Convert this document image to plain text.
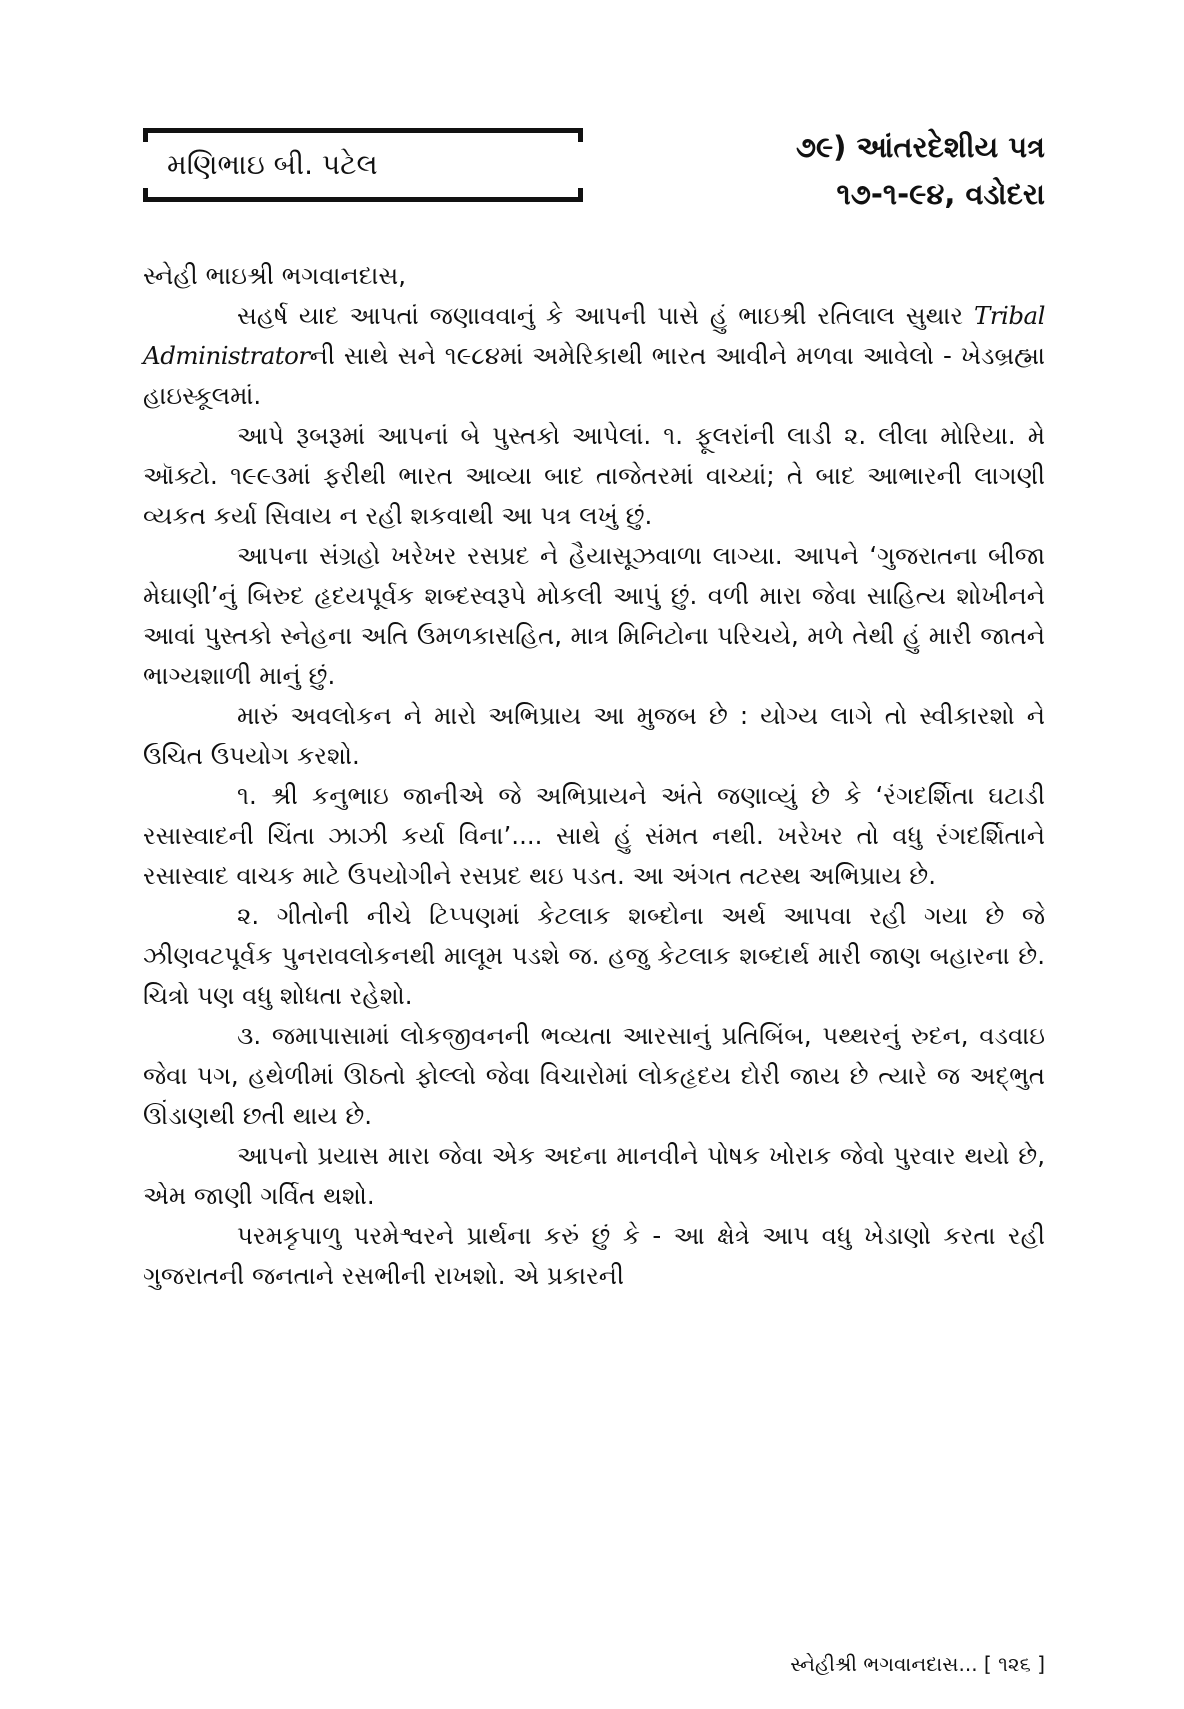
મણિભાઇ બી. પટેલ
૭૯) આંતરદેશીય પત્ર
૧૭-૧-૯૪, વડોદરા

સ્નેહી ભાઇશ્રી ભગવાનદાસ,

સહર્ષ યાદ આપતાં જણાવવાનું કે આપની પાસે હું ભાઇશ્રી રતિલાલ સુથાર Tribal Administratorની સાથે સને ૧૯૮૪માં અમેરિકાથી ભારત આવીને મળવા આવેલો - ખેડબ્રહ્મા હાઇસ્કૂલમાં.

આપે રૂબરૂમાં આપનાં બે પુસ્તકો આપેલાં. ૧. ફૂલરાંની લાડી ૨. લીલા મોરિયા. મે ઑક્ટો. ૧૯૯૩માં ફરીથી ભારત આવ્યા બાદ તાજેતરમાં વાચ્યાં; તે બાદ આભારની લાગણી વ્યકત કર્યા સિવાય ન રહી શકવાથી આ પત્ર લખું છું.

આપના સંગ્રહો ખરેખર રસપ્રદ ને હૈયાસૂઝવાળા લાગ્યા. આપને ‘ગુજરાતના બીજા મેઘાણી’નું બિરુદ હૃદયપૂર્વક શબ્દસ્વરૂપે મોકલી આપું છું. વળી મારા જેવા સાહિત્ય શોખીનને આવાં પુસ્તકો સ્નેહના અતિ ઉમળકાસહિત, માત્ર મિનિટોના પરિચયે, મળે તેથી હું મારી જાતને ભાગ્યશાળી માનું છું.

મારું અવલોકન ને મારો અભિપ્રાય આ મુજબ છે : યોગ્ય લાગે તો સ્વીકારશો ને ઉચિત ઉપયોગ કરશો.

૧. શ્રી કનુભાઇ જાનીએ જે અભિપ્રાયને અંતે જણાવ્યું છે કે ‘રંગદર્શિતા ઘટાડી રસાસ્વાદની ચિંતા ઝાઝી કર્યા વિના’.... સાથે હું સંમત નથી. ખરેખર તો વધુ રંગદર્શિતાને રસાસ્વાદ વાચક માટે ઉપયોગીને રસપ્રદ થઇ પડત. આ અંગત તટસ્થ અભિપ્રાય છે.

૨. ગીતોની નીચે ટિપ્પણમાં કેટલાક શબ્દોના અર્થ આપવા રહી ગયા છે જે ઝીણવટપૂર્વક પુનરાવલોકનથી માલૂમ પડશે જ. હજુ કેટલાક શબ્દાર્થ મારી જાણ બહારના છે. ચિત્રો પણ વધુ શોધતા રહેશો.

૩. જમાપાસામાં લોકજીવનની ભવ્યતા આરસાનું પ્રતિબિંબ, પથ્થરનું રુદન, વડવાઇ જેવા પગ, હથેળીમાં ઊઠતો ફોલ્લો જેવા વિચારોમાં લોકહૃદય દોરી જાય છે ત્યારે જ અદ્‌ભુત ઊંડાણથી છતી થાય છે.

આપનો પ્રયાસ મારા જેવા એક અદના માનવીને પોષક ખોરાક જેવો પુરવાર થયો છે, એમ જાણી ગર્વિત થશો.

પરમકૃપાળુ પરમેશ્વરને પ્રાર્થના કરું છું કે - આ ક્ષેત્રે આપ વધુ ખેડાણો કરતા રહી ગુજરાતની જનતાને રસભીની રાખશો. એ પ્રકારની

સ્નેહીશ્રી ભગવાનદાસ... [ ૧૨૬ ]
